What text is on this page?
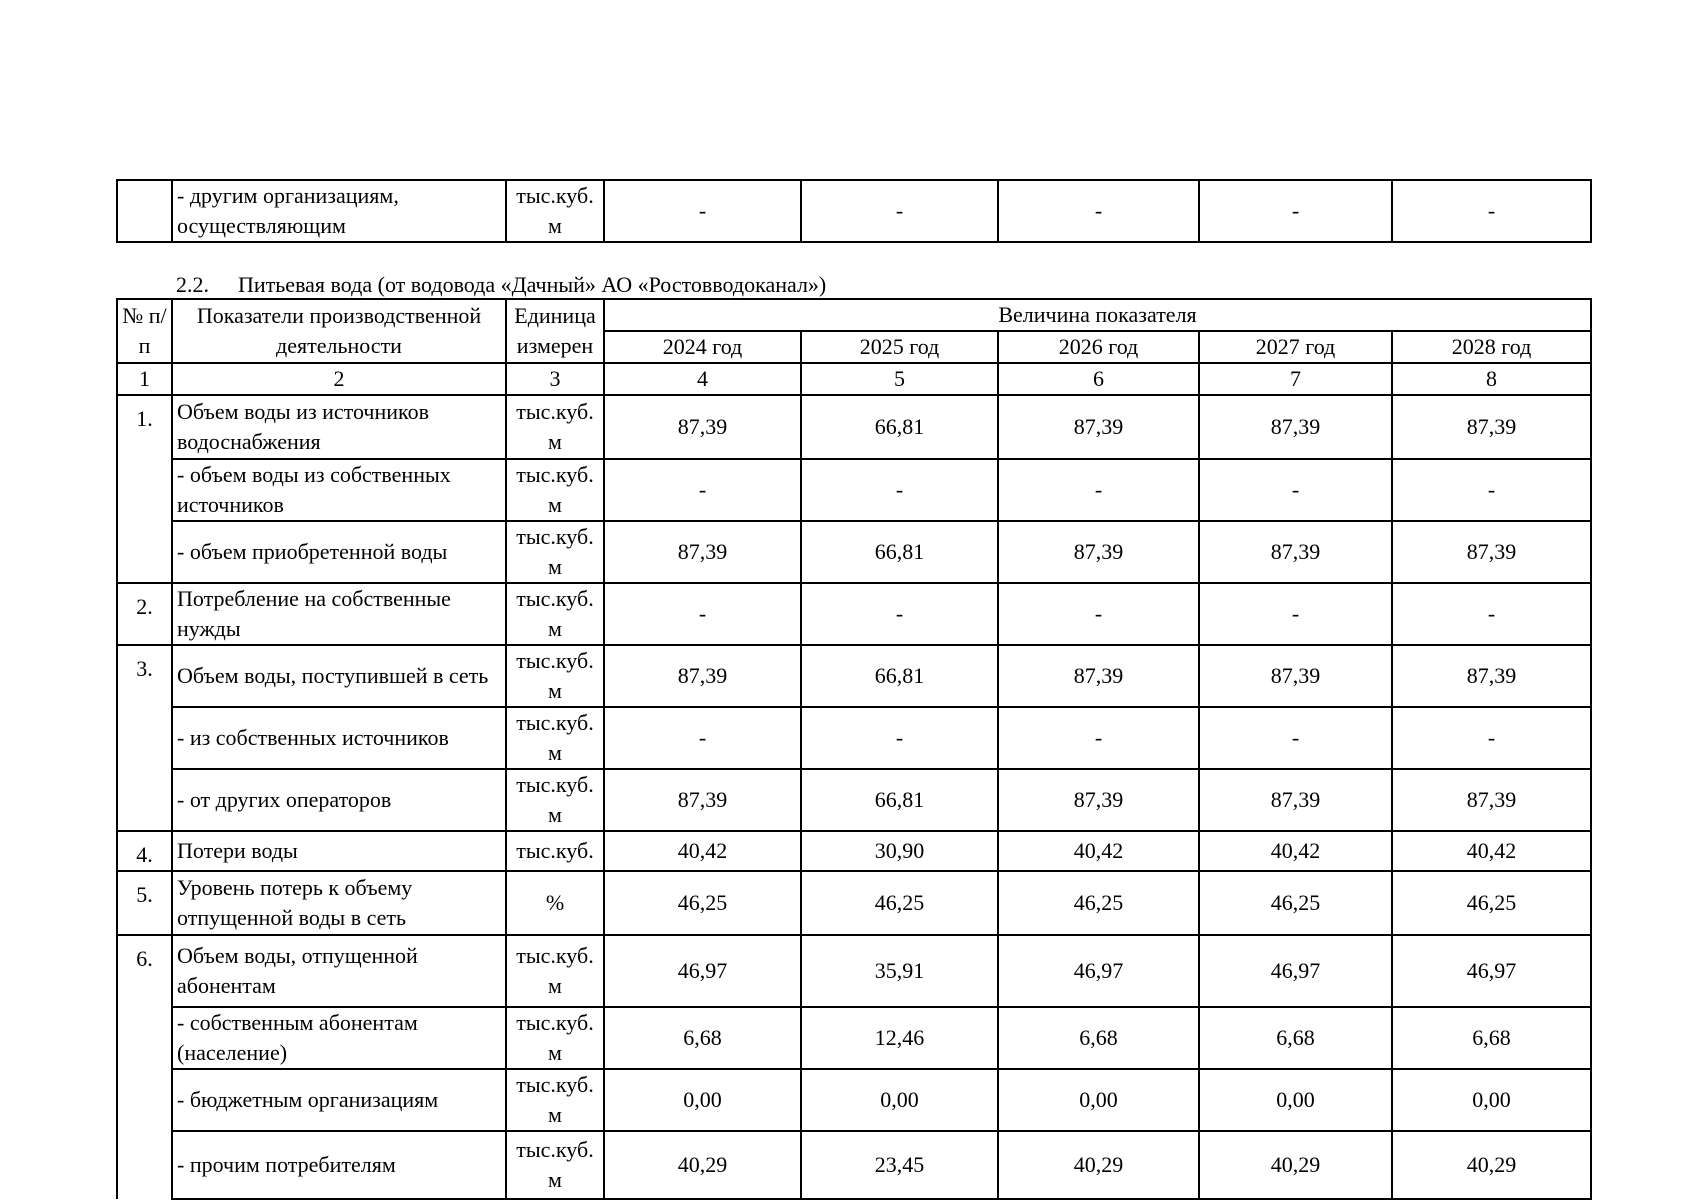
	- другим организациям, осуществляющим	тыс.куб. м	-	-	-	-	-
2.2. Питьевая вода (от водовода «Дачный» АО «Ростовводоканал»)
№ п/п	Показатели производственной деятельности	Единица измерен	Величина показателя				
			2024 год	2025 год	2026 год	2027 год	2028 год
1	2	3	4	5	6	7	8
1.	Объем воды из источников водоснабжения	тыс.куб. м	87,39	66,81	87,39	87,39	87,39
	- объем воды из собственных источников	тыс.куб. м	-	-	-	-	-
	- объем приобретенной воды	тыс.куб. м	87,39	66,81	87,39	87,39	87,39
2.	Потребление на собственные нужды	тыс.куб. м	-	-	-	-	-
3.	Объем воды, поступившей в сеть	тыс.куб. м	87,39	66,81	87,39	87,39	87,39
	- из собственных источников	тыс.куб. м	-	-	-	-	-
	- от других операторов	тыс.куб. м	87,39	66,81	87,39	87,39	87,39
4.	Потери воды	тыс.куб.	40,42	30,90	40,42	40,42	40,42
5.	Уровень потерь к объему отпущенной воды в сеть	%	46,25	46,25	46,25	46,25	46,25
6.	Объем воды, отпущенной абонентам	тыс.куб. м	46,97	35,91	46,97	46,97	46,97
	- собственным абонентам (население)	тыс.куб. м	6,68	12,46	6,68	6,68	6,68
	- бюджетным организациям	тыс.куб. м	0,00	0,00	0,00	0,00	0,00
	- прочим потребителям	тыс.куб. м	40,29	23,45	40,29	40,29	40,29
